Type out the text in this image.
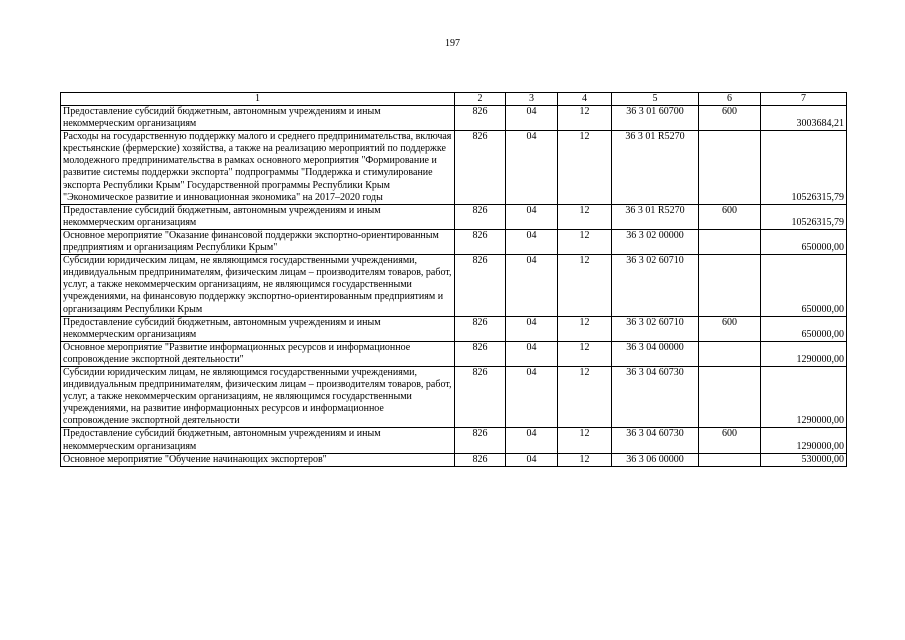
197
1	2	3	4	5	6	7
Предоставление субсидий бюджетным, автономным учреждениям и иным некоммерческим организациям	826	04	12	36 3 01 60700	600	3003684,21
Расходы на государственную поддержку малого и среднего предпринимательства, включая крестьянские (фермерские) хозяйства, а также на реализацию мероприятий по поддержке молодежного предпринимательства в рамках основного мероприятия "Формирование и развитие системы поддержки экспорта" подпрограммы "Поддержка и стимулирование экспорта Республики Крым" Государственной программы Республики Крым "Экономическое развитие и инновационная экономика" на 2017–2020 годы	826	04	12	36 3 01 R5270		10526315,79
Предоставление субсидий бюджетным, автономным учреждениям и иным некоммерческим организациям	826	04	12	36 3 01 R5270	600	10526315,79
Основное мероприятие "Оказание финансовой поддержки экспортно-ориентированным предприятиям и организациям Республики Крым"	826	04	12	36 3 02 00000		650000,00
Субсидии юридическим лицам, не являющимся государственными учреждениями, индивидуальным предпринимателям, физическим лицам – производителям товаров, работ, услуг, а также некоммерческим организациям, не являющимся государственными учреждениями, на финансовую поддержку экспортно-ориентированным предприятиям и организациям Республики Крым	826	04	12	36 3 02 60710		650000,00
Предоставление субсидий бюджетным, автономным учреждениям и иным некоммерческим организациям	826	04	12	36 3 02 60710	600	650000,00
Основное мероприятие "Развитие информационных ресурсов и информационное сопровождение экспортной деятельности"	826	04	12	36 3 04 00000		1290000,00
Субсидии юридическим лицам, не являющимся государственными учреждениями, индивидуальным предпринимателям, физическим лицам – производителям товаров, работ, услуг, а также некоммерческим организациям, не являющимся государственными учреждениями, на развитие информационных ресурсов и информационное сопровождение экспортной деятельности	826	04	12	36 3 04 60730		1290000,00
Предоставление субсидий бюджетным, автономным учреждениям и иным некоммерческим организациям	826	04	12	36 3 04 60730	600	1290000,00
Основное мероприятие "Обучение начинающих экспортеров"	826	04	12	36 3 06 00000		530000,00
